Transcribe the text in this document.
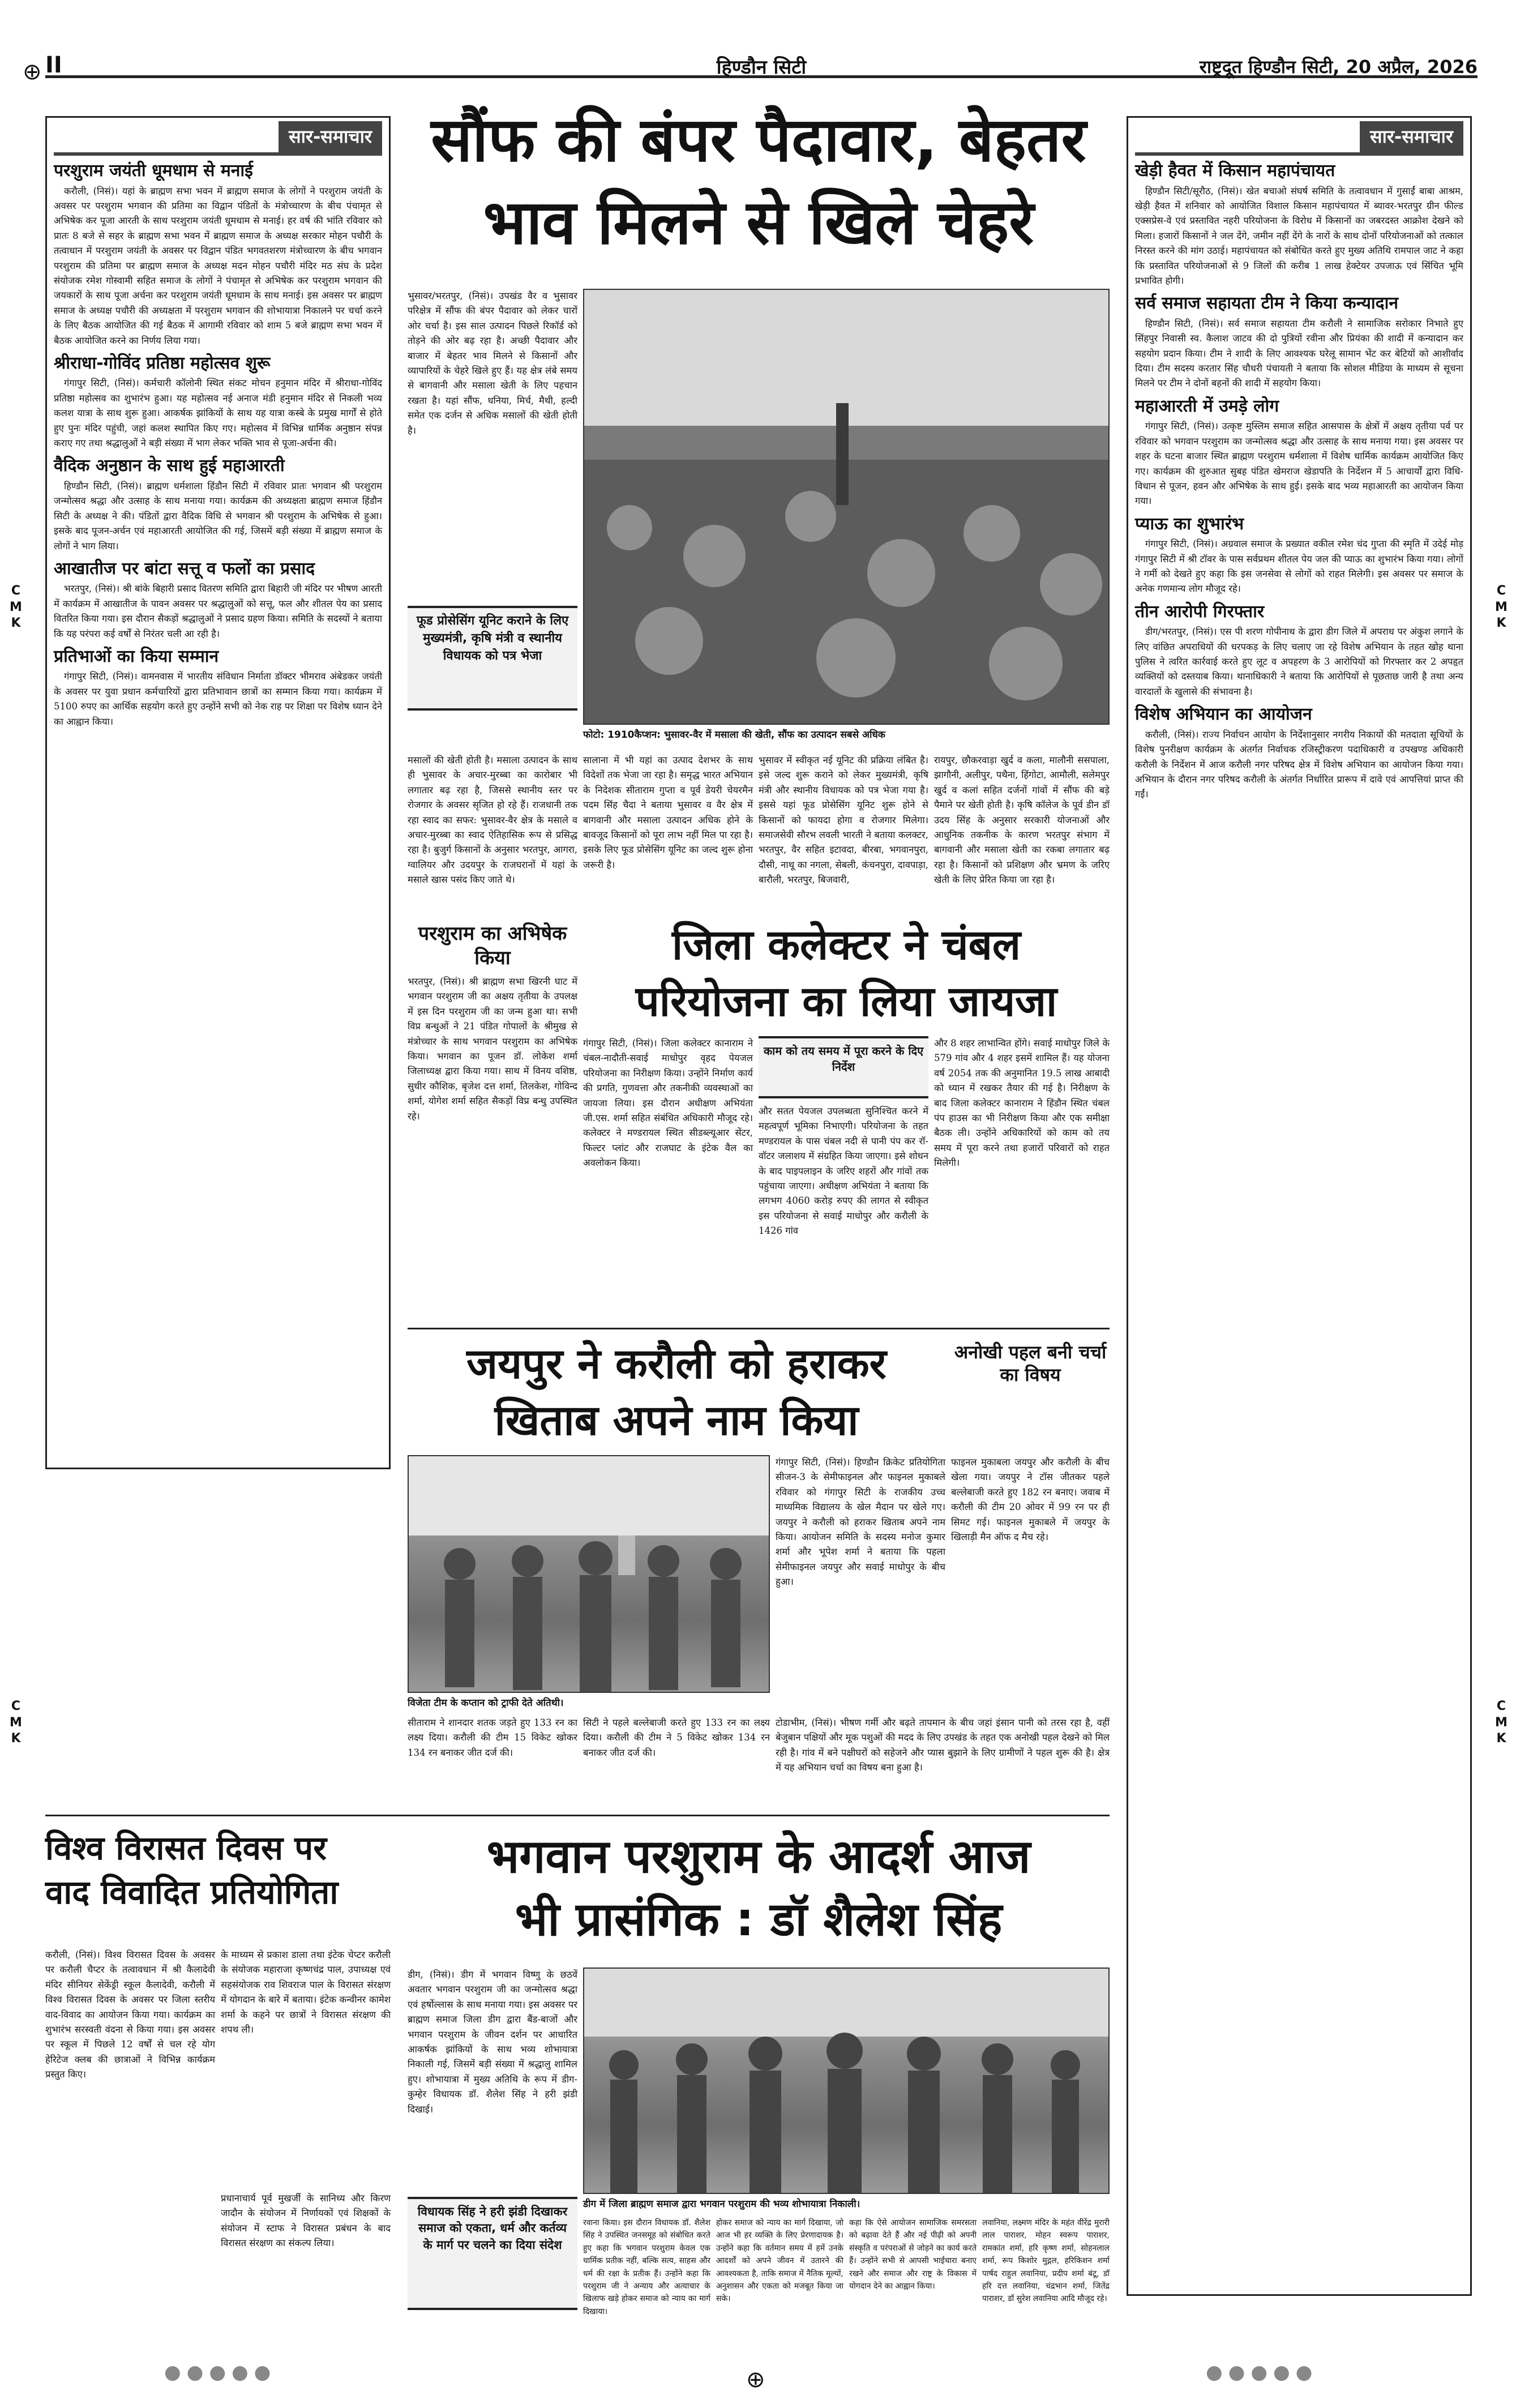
II	हिण्डौन सिटी	राष्ट्रदूत हिण्डौन सिटी, 20 अप्रैल, 2026
⊕
⊕
C
M
K
C
M
K
C
M
K
C
M
K
सार-समाचार
परशुराम जयंती धूमधाम से मनाई

करौली, (निसं)। यहां के ब्राह्मण सभा भवन में ब्राह्मण समाज के लोगों ने परशुराम जयंती के अवसर पर परशुराम भगवान की प्रतिमा का विद्वान पंडितों के मंत्रोच्चारण के बीच पंचामृत से अभिषेक कर पूजा आरती के साथ परशुराम जयंती धूमधाम से मनाई। हर वर्ष की भांति रविवार को प्रातः 8 बजे से सहर के ब्राह्मण सभा भवन में ब्राह्मण समाज के अध्यक्ष सरकार मोहन पचौरी के तत्वाधान में परशुराम जयंती के अवसर पर विद्वान पंडित भगवतशरण मंत्रोच्चारण के बीच भगवान परशुराम की प्रतिमा पर ब्राह्मण समाज के अध्यक्ष मदन मोहन पचौरी मंदिर मठ संघ के प्रदेश संयोजक रमेश गोस्वामी सहित समाज के लोगों ने पंचामृत से अभिषेक कर परशुराम भगवान की जयकारों के साथ पूजा अर्चना कर परशुराम जयंती धूमधाम के साथ मनाई। इस अवसर पर ब्राह्मण समाज के अध्यक्ष पचौरी की अध्यक्षता में परशुराम भगवान की शोभायात्रा निकालने पर चर्चा करने के लिए बैठक आयोजित की गई बैठक में आगामी रविवार को शाम 5 बजे ब्राह्मण सभा भवन में बैठक आयोजित करने का निर्णय लिया गया।

श्रीराधा-गोविंद प्रतिष्ठा महोत्सव शुरू

गंगापुर सिटी, (निसं)। कर्मचारी कॉलोनी स्थित संकट मोचन हनुमान मंदिर में श्रीराधा-गोविंद प्रतिष्ठा महोत्सव का शुभारंभ हुआ। यह महोत्सव नई अनाज मंडी हनुमान मंदिर से निकली भव्य कलश यात्रा के साथ शुरू हुआ। आकर्षक झांकियों के साथ यह यात्रा कस्बे के प्रमुख मार्गों से होते हुए पुनः मंदिर पहुंची, जहां कलश स्थापित किए गए। महोत्सव में विभिन्न धार्मिक अनुष्ठान संपन्न कराए गए तथा श्रद्धालुओं ने बड़ी संख्या में भाग लेकर भक्ति भाव से पूजा-अर्चना की।

वैदिक अनुष्ठान के साथ हुई महाआरती

हिण्डौन सिटी, (निसं)। ब्राह्मण धर्मशाला हिंडौन सिटी में रविवार प्रातः भगवान श्री परशुराम जन्मोत्सव श्रद्धा और उत्साह के साथ मनाया गया। कार्यक्रम की अध्यक्षता ब्राह्मण समाज हिंडौन सिटी के अध्यक्ष ने की। पंडितों द्वारा वैदिक विधि से भगवान श्री परशुराम के अभिषेक से हुआ। इसके बाद पूजन-अर्चन एवं महाआरती आयोजित की गई, जिसमें बड़ी संख्या में ब्राह्मण समाज के लोगों ने भाग लिया।

आखातीज पर बांटा सत्तू व फलों का प्रसाद

भरतपुर, (निसं)। श्री बांके बिहारी प्रसाद वितरण समिति द्वारा बिहारी जी मंदिर पर भीषण आरती में कार्यक्रम में आखातीज के पावन अवसर पर श्रद्धालुओं को सत्तू, फल और शीतल पेय का प्रसाद वितरित किया गया। इस दौरान सैकड़ों श्रद्धालुओं ने प्रसाद ग्रहण किया। समिति के सदस्यों ने बताया कि यह परंपरा कई वर्षों से निरंतर चली आ रही है।

प्रतिभाओं का किया सम्मान

गंगापुर सिटी, (निसं)। वामनवास में भारतीय संविधान निर्माता डॉक्टर भीमराव अंबेडकर जयंती के अवसर पर युवा प्रधान कर्मचारियों द्वारा प्रतिभावान छात्रों का सम्मान किया गया। कार्यक्रम में 5100 रुपए का आर्थिक सहयोग करते हुए उन्होंने सभी को नेक राह पर शिक्षा पर विशेष ध्यान देने का आह्वान किया।

सार-समाचार
खेड़ी हैवत में किसान महापंचायत

हिण्डौन सिटी/सूरौठ, (निसं)। खेत बचाओ संघर्ष समिति के तत्वावधान में गुसाईं बाबा आश्रम, खेड़ी हैवत में शनिवार को आयोजित विशाल किसान महापंचायत में ब्यावर-भरतपुर ग्रीन फील्ड एक्सप्रेस-वे एवं प्रस्तावित नहरी परियोजना के विरोध में किसानों का जबरदस्त आक्रोश देखने को मिला। हजारों किसानों ने जल देंगे, जमीन नहीं देंगे के नारों के साथ दोनों परियोजनाओं को तत्काल निरस्त करने की मांग उठाई। महापंचायत को संबोधित करते हुए मुख्य अतिथि रामपाल जाट ने कहा कि प्रस्तावित परियोजनाओं से 9 जिलों की करीब 1 लाख हेक्टेयर उपजाऊ एवं सिंचित भूमि प्रभावित होगी।

सर्व समाज सहायता टीम ने किया कन्यादान

हिण्डौन सिटी, (निसं)। सर्व समाज सहायता टीम करौली ने सामाजिक सरोकार निभाते हुए सिंहपुर निवासी स्व. कैलाश जाटव की दो पुत्रियों रवीना और प्रियंका की शादी में कन्यादान कर सहयोग प्रदान किया। टीम ने शादी के लिए आवश्यक घरेलू सामान भेंट कर बेटियों को आशीर्वाद दिया। टीम सदस्य करतार सिंह चौधरी पंचायती ने बताया कि सोशल मीडिया के माध्यम से सूचना मिलने पर टीम ने दोनों बहनों की शादी में सहयोग किया।

महाआरती में उमड़े लोग

गंगापुर सिटी, (निसं)। उत्कृष्ट मुस्लिम समाज सहित आसपास के क्षेत्रों में अक्षय तृतीया पर्व पर रविवार को भगवान परशुराम का जन्मोत्सव श्रद्धा और उत्साह के साथ मनाया गया। इस अवसर पर शहर के घटना बाजार स्थित ब्राह्मण परशुराम धर्मशाला में विशेष धार्मिक कार्यक्रम आयोजित किए गए। कार्यक्रम की शुरुआत सुबह पंडित खेमराज खेडापति के निर्देशन में 5 आचार्यों द्वारा विधि-विधान से पूजन, हवन और अभिषेक के साथ हुई। इसके बाद भव्य महाआरती का आयोजन किया गया।

प्याऊ का शुभारंभ

गंगापुर सिटी, (निसं)। अग्रवाल समाज के प्रख्यात वकील रमेश चंद गुप्ता की स्मृति में उदेई मोड़ गंगापुर सिटी में श्री टॉवर के पास सर्वप्रथम शीतल पेय जल की प्याऊ का शुभारंभ किया गया। लोगों ने गर्मी को देखते हुए कहा कि इस जनसेवा से लोगों को राहत मिलेगी। इस अवसर पर समाज के अनेक गणमान्य लोग मौजूद रहे।

तीन आरोपी गिरफ्तार

डीग/भरतपुर, (निसं)। एस पी शरण गोपीनाथ के द्वारा डीग जिले में अपराध पर अंकुश लगाने के लिए वांछित अपराधियों की धरपकड़ के लिए चलाए जा रहे विशेष अभियान के तहत खोह थाना पुलिस ने त्वरित कार्रवाई करते हुए लूट व अपहरण के 3 आरोपियों को गिरफ्तार कर 2 अपहृत व्यक्तियों को दस्तयाब किया। थानाधिकारी ने बताया कि आरोपियों से पूछताछ जारी है तथा अन्य वारदातों के खुलासे की संभावना है।

विशेष अभियान का आयोजन

करौली, (निसं)। राज्य निर्वाचन आयोग के निर्देशानुसार नगरीय निकायों की मतदाता सूचियों के विशेष पुनरीक्षण कार्यक्रम के अंतर्गत निर्वाचक रजिस्ट्रीकरण पदाधिकारी व उपखण्ड अधिकारी करौली के निर्देशन में आज करौली नगर परिषद क्षेत्र में विशेष अभियान का आयोजन किया गया। अभियान के दौरान नगर परिषद करौली के अंतर्गत निर्धारित प्रारूप में दावे एवं आपत्तियां प्राप्त की गईं।

सौंफ की बंपर पैदावार, बेहतर
भाव मिलने से खिले चेहरे
भुसावर/भरतपुर, (निसं)। उपखंड वैर व भुसावर परिक्षेत्र में सौंफ की बंपर पैदावार को लेकर चारों ओर चर्चा है। इस साल उत्पादन पिछले रिकॉर्ड को तोड़ने की ओर बढ़ रहा है। अच्छी पैदावार और बाजार में बेहतर भाव मिलने से किसानों और व्यापारियों के चेहरे खिले हुए हैं। यह क्षेत्र लंबे समय से बागवानी और मसाला खेती के लिए पहचान रखता है। यहां सौंफ, धनिया, मिर्च, मैथी, हल्दी समेत एक दर्जन से अधिक मसालों की खेती होती है।
फोटो: 1910कैप्शन: भुसावर-वैर में मसाला की खेती, सौंफ का उत्पादन सबसे अधिक
फूड प्रोसेसिंग यूनिट कराने के लिए मुख्यमंत्री, कृषि मंत्री व स्थानीय विधायक को पत्र भेजा
मसालों की खेती होती है। मसाला उत्पादन के साथ ही भुसावर के अचार-मुरब्बा का कारोबार भी लगातार बढ़ रहा है, जिससे स्थानीय स्तर पर रोजगार के अवसर सृजित हो रहे हैं। राजधानी तक रहा स्वाद का सफर: भुसावर-वैर क्षेत्र के मसाले व अचार-मुरब्बा का स्वाद ऐतिहासिक रूप से प्रसिद्ध रहा है। बुजुर्ग किसानों के अनुसार भरतपुर, आगरा, ग्वालियर और उदयपुर के राजघरानों में यहां के मसाले खास पसंद किए जाते थे।
सालाना में भी यहां का उत्पाद देशभर के साथ विदेशों तक भेजा जा रहा है। समृद्ध भारत अभियान के निदेशक सीताराम गुप्ता व पूर्व डेयरी चेयरमैन पदम सिंह चैदा ने बताया भुसावर व वैर क्षेत्र में बागवानी और मसाला उत्पादन अधिक होने के बावजूद किसानों को पूरा लाभ नहीं मिल पा रहा है। इसके लिए फूड प्रोसेसिंग यूनिट का जल्द शुरू होना जरूरी है।
भुसावर में स्वीकृत नई यूनिट की प्रक्रिया लंबित है। इसे जल्द शुरू कराने को लेकर मुख्यमंत्री, कृषि मंत्री और स्थानीय विधायक को पत्र भेजा गया है। इससे यहां फूड प्रोसेसिंग यूनिट शुरू होने से किसानों को फायदा होगा व रोजगार मिलेगा। समाजसेवी सौरभ लवली भारती ने बताया कलक्टर, भरतपुर, वैर सहित इटावदा, बीरबा, भगवानपुरा, दौसी, नाथू का नगला, सेबली, कंचनपुरा, दावपाड़ा, बारौली, भरतपुर, बिजवारी,
रायपुर, छौकरवाड़ा खुर्द व कला, मालौनी ससपाला, झागौनी, अलीपुर, पथैना, हिंगोटा, आमौली, सलेमपुर खुर्द व कलां सहित दर्जनों गांवों में सौंफ की बड़े पैमाने पर खेती होती है। कृषि कॉलेज के पूर्व डीन डॉ उदय सिंह के अनुसार सरकारी योजनाओं और आधुनिक तकनीक के कारण भरतपुर संभाग में बागवानी और मसाला खेती का रकबा लगातार बढ़ रहा है। किसानों को प्रशिक्षण और भ्रमण के जरिए खेती के लिए प्रेरित किया जा रहा है।
परशुराम का अभिषेक किया
भरतपुर, (निसं)। श्री ब्राह्मण सभा खिरनी घाट में भगवान परशुराम जी का अक्षय तृतीया के उपलक्ष में इस दिन परशुराम जी का जन्म हुआ था। सभी विप्र बन्धुओं ने 21 पंडित गोपालों के श्रीमुख से मंत्रोच्चार के साथ भगवान परशुराम का अभिषेक किया। भगवान का पूजन डॉ. लोकेश शर्मा जिलाध्यक्ष द्वारा किया गया। साथ में विनय वशिष्ठ, सुधीर कौशिक, बृजेश दत्त शर्मा, तिलकेश, गोविन्द शर्मा, योगेश शर्मा सहित सैकड़ों विप्र बन्धु उपस्थित रहे।
जिला कलेक्टर ने चंबल
परियोजना का लिया जायजा
गंगापुर सिटी, (निसं)। जिला कलेक्टर कानाराम ने चंबल-नादौती-सवाई माधोपुर वृहद पेयजल परियोजना का निरीक्षण किया। उन्होंने निर्माण कार्य की प्रगति, गुणवत्ता और तकनीकी व्यवस्थाओं का जायजा लिया। इस दौरान अधीक्षण अभियंता जी.एस. शर्मा सहित संबंधित अधिकारी मौजूद रहे। कलेक्टर ने मण्डरायल स्थित सीडब्ल्यूआर सेंटर, फिल्टर प्लांट और राजघाट के इंटेक वैल का अवलोकन किया।
काम को तय समय में पूरा करने के दिए निर्देश
और सतत पेयजल उपलब्धता सुनिश्चित करने में महत्वपूर्ण भूमिका निभाएगी। परियोजना के तहत मण्डरायल के पास चंबल नदी से पानी पंप कर रॉ-वॉटर जलाशय में संग्रहित किया जाएगा। इसे शोधन के बाद पाइपलाइन के जरिए शहरों और गांवों तक पहुंचाया जाएगा। अधीक्षण अभियंता ने बताया कि लगभग 4060 करोड़ रुपए की लागत से स्वीकृत इस परियोजना से सवाई माधोपुर और करौली के 1426 गांव
और 8 शहर लाभान्वित होंगे। सवाई माधोपुर जिले के 579 गांव और 4 शहर इसमें शामिल हैं। यह योजना वर्ष 2054 तक की अनुमानित 19.5 लाख आबादी को ध्यान में रखकर तैयार की गई है। निरीक्षण के बाद जिला कलेक्टर कानाराम ने हिंडौन स्थित चंबल पंप हाउस का भी निरीक्षण किया और एक समीक्षा बैठक ली। उन्होंने अधिकारियों को काम को तय समय में पूरा करने तथा हजारों परिवारों को राहत मिलेगी।
जयपुर ने करौली को हराकर
खिताब अपने नाम किया
विजेता टीम के कप्तान को ट्राफी देते अतिथी।
गंगापुर सिटी, (निसं)। हिण्डौन क्रिकेट प्रतियोगिता सीजन-3 के सेमीफाइनल और फाइनल मुकाबले रविवार को गंगापुर सिटी के राजकीय उच्च माध्यमिक विद्यालय के खेल मैदान पर खेले गए। जयपुर ने करौली को हराकर खिताब अपने नाम किया। आयोजन समिति के सदस्य मनोज कुमार शर्मा और भूपेश शर्मा ने बताया कि पहला सेमीफाइनल जयपुर और सवाई माधोपुर के बीच हुआ।
फाइनल मुकाबला जयपुर और करौली के बीच खेला गया। जयपुर ने टॉस जीतकर पहले बल्लेबाजी करते हुए 182 रन बनाए। जवाब में करौली की टीम 20 ओवर में 99 रन पर ही सिमट गई। फाइनल मुकाबले में जयपुर के खिलाड़ी मैन ऑफ द मैच रहे।
सीताराम ने शानदार शतक जड़ते हुए 133 रन का लक्ष्य दिया। करौली की टीम 15 विकेट खोकर 134 रन बनाकर जीत दर्ज की।
सिटी ने पहले बल्लेबाजी करते हुए 133 रन का लक्ष्य दिया। करौली की टीम ने 5 विकेट खोकर 134 रन बनाकर जीत दर्ज की।
अनोखी पहल बनी चर्चा का विषय
टोडाभीम, (निसं)। भीषण गर्मी और बढ़ते तापमान के बीच जहां इंसान पानी को तरस रहा है, वहीं बेजुबान पक्षियों और मूक पशुओं की मदद के लिए उपखंड के तहत एक अनोखी पहल देखने को मिल रही है। गांव में बने पक्षीघरों को सहेजने और प्यास बुझाने के लिए ग्रामीणों ने पहल शुरू की है। क्षेत्र में यह अभियान चर्चा का विषय बना हुआ है।
विश्व विरासत दिवस पर
वाद विवादित प्रतियोगिता
करौली, (निसं)। विश्व विरासत दिवस के अवसर पर करौली चैप्टर के तत्वावधान में श्री कैलादेवी मंदिर सीनियर सेकेंड्री स्कूल कैलादेवी, करौली में विश्व विरासत दिवस के अवसर पर जिला स्तरीय वाद-विवाद का आयोजन किया गया। कार्यक्रम का शुभारंभ सरस्वती वंदना से किया गया। इस अवसर पर स्कूल में पिछले 12 वर्षों से चल रहे योग हेरिटेज क्लब की छात्राओं ने विभिन्न कार्यक्रम प्रस्तुत किए।
के माध्यम से प्रकाश डाला तथा इंटेक चेप्टर करौली के संयोजक महाराजा कृष्णचंद्र पाल, उपाध्यक्ष एवं सहसंयोजक राव शिवराज पाल के विरासत संरक्षण में योगदान के बारे में बताया। इंटेक कन्वीनर कामेश शर्मा के कहने पर छात्रों ने विरासत संरक्षण की शपथ ली।
प्रधानाचार्य पूर्व मुखर्जी के सानिध्य और किरण जादौन के संयोजन में निर्णायकों एवं शिक्षकों के संयोजन में स्टाफ ने विरासत प्रबंधन के बाद विरासत संरक्षण का संकल्प लिया।
भगवान परशुराम के आदर्श आज
भी प्रासंगिक : डॉ शैलेश सिंह
डीग, (निसं)। डीग में भगवान विष्णु के छठवें अवतार भगवान परशुराम जी का जन्मोत्सव श्रद्धा एवं हर्षोल्लास के साथ मनाया गया। इस अवसर पर ब्राह्मण समाज जिला डीग द्वारा बैंड-बाजों और भगवान परशुराम के जीवन दर्शन पर आधारित आकर्षक झांकियों के साथ भव्य शोभायात्रा निकाली गई, जिसमें बड़ी संख्या में श्रद्धालु शामिल हुए। शोभायात्रा में मुख्य अतिथि के रूप में डीग-कुम्हेर विधायक डॉ. शैलेश सिंह ने हरी झंडी दिखाई।
विधायक सिंह ने हरी झंडी दिखाकर समाज को एकता, धर्म और कर्तव्य के मार्ग पर चलने का दिया संदेश
डीग में जिला ब्राह्मण समाज द्वारा भगवान परशुराम की भव्य शोभायात्रा निकाली।
रवाना किया। इस दौरान विधायक डॉ. शैलेश सिंह ने उपस्थित जनसमूह को संबोधित करते हुए कहा कि भगवान परशुराम केवल एक धार्मिक प्रतीक नहीं, बल्कि सत्य, साहस और धर्म की रक्षा के प्रतीक हैं। उन्होंने कहा कि परशुराम जी ने अन्याय और अत्याचार के खिलाफ खड़े होकर समाज को न्याय का मार्ग दिखाया।
होकर समाज को न्याय का मार्ग दिखाया, जो आज भी हर व्यक्ति के लिए प्रेरणादायक है। उन्होंने कहा कि वर्तमान समय में हमें उनके आदर्शों को अपने जीवन में उतारने की आवश्यकता है, ताकि समाज में नैतिक मूल्यों, अनुशासन और एकता को मजबूत किया जा सके।
कहा कि ऐसे आयोजन सामाजिक समरसता को बढ़ावा देते हैं और नई पीढ़ी को अपनी संस्कृति व परंपराओं से जोड़ने का कार्य करते हैं। उन्होंने सभी से आपसी भाईचारा बनाए रखने और समाज और राष्ट्र के विकास में योगदान देने का आह्वान किया।
लवानिया, लक्ष्मण मंदिर के महंत वीरेंद्र मुरारी लाल पाराशर, मोहन स्वरूप पाराशर, रामकांत शर्मा, हरि कृष्ण शर्मा, सोहनलाल शर्मा, रूप किशोर मुद्गल, हरिकिशन शर्मा पार्षद राहुल लवानिया, प्रदीप शर्मा बंटू, डॉ हरि दत्त लवानिया, चंद्रभान शर्मा, जितेंद्र पाराशर, डॉ सुरेश लवानिया आदि मौजूद रहे।
●●●●●	●●●●●
